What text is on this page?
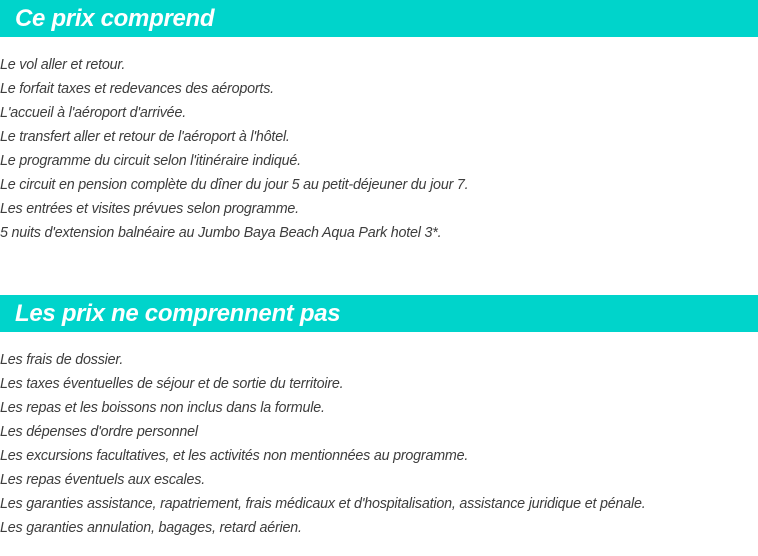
Ce prix comprend
Le vol aller et retour.
Le forfait taxes et redevances des aéroports.
L'accueil à l'aéroport d'arrivée.
Le transfert aller et retour de l'aéroport à l'hôtel.
Le programme du circuit selon l'itinéraire indiqué.
Le circuit en pension complète du dîner du jour 5 au petit-déjeuner du jour 7.
Les entrées et visites prévues selon programme.
5 nuits d'extension balnéaire au Jumbo Baya Beach Aqua Park hotel 3*.
Les prix ne comprennent pas
Les frais de dossier.
Les taxes éventuelles de séjour et de sortie du territoire.
Les repas et les boissons non inclus dans la formule.
Les dépenses d'ordre personnel
Les excursions facultatives, et les activités non mentionnées au programme.
Les repas éventuels aux escales.
Les garanties assistance, rapatriement, frais médicaux et d'hospitalisation, assistance juridique et pénale.
Les garanties annulation, bagages, retard aérien.
